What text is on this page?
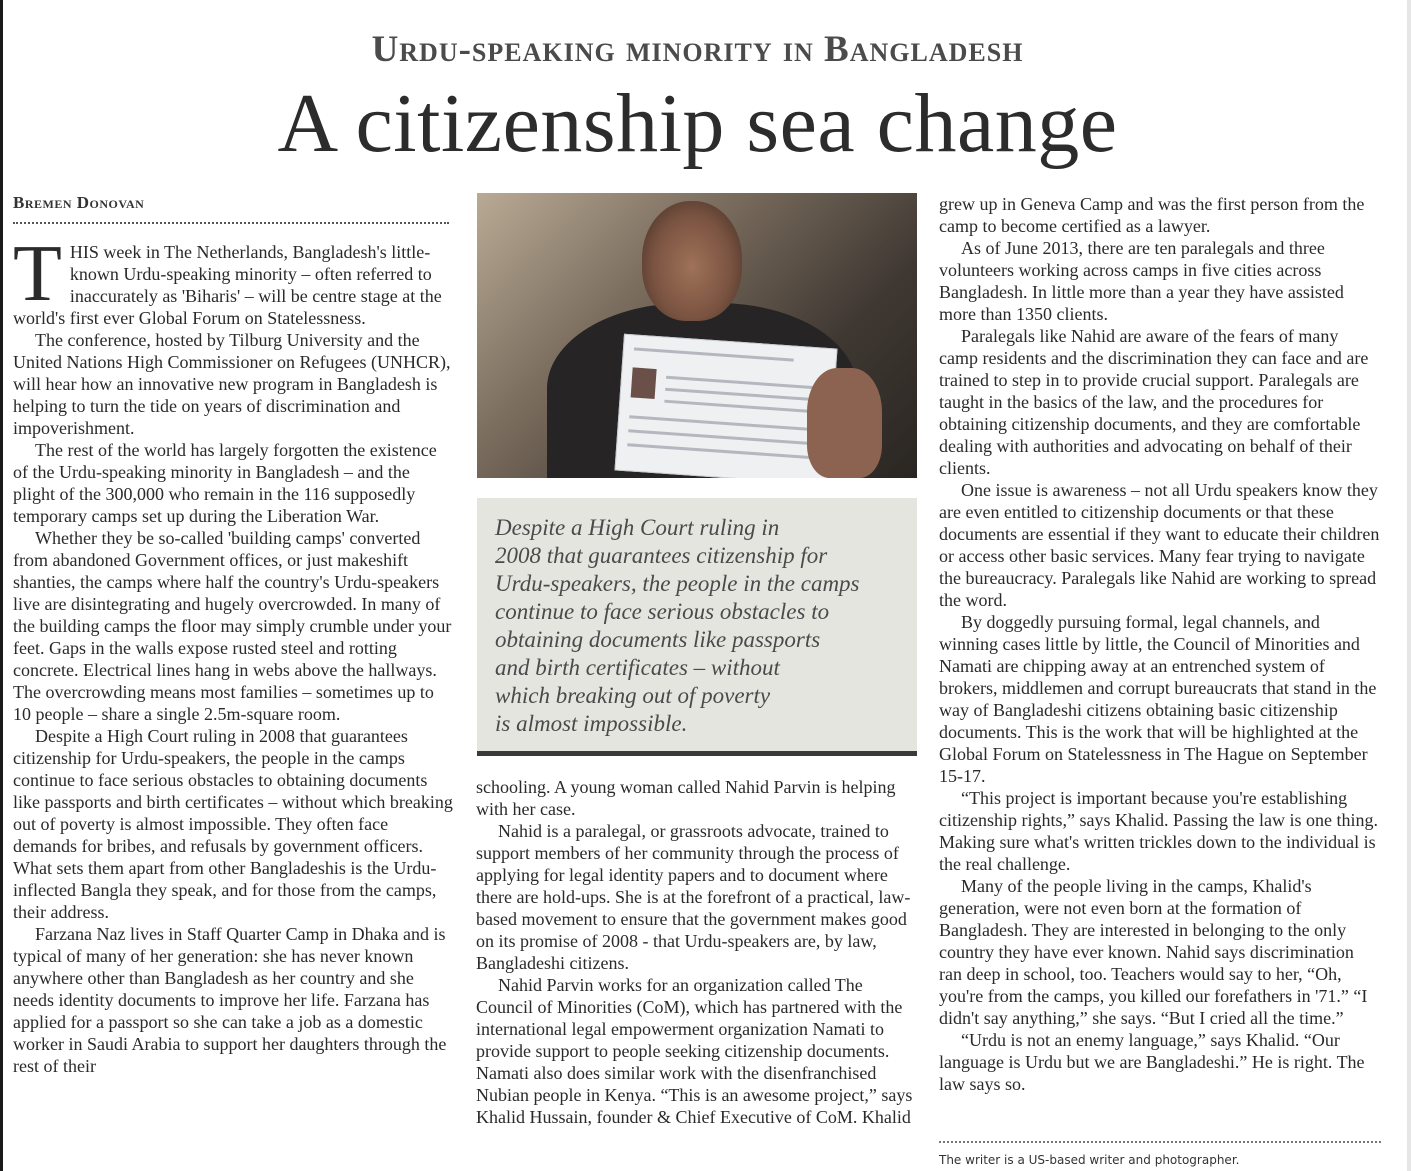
Urdu-speaking minority in Bangladesh
A citizenship sea change
Bremen Donovan

THIS week in The Netherlands, Bangladesh's little-known Urdu-speaking minority – often referred to inaccurately as 'Biharis' – will be centre stage at the world's first ever Global Forum on Statelessness.

The conference, hosted by Tilburg University and the United Nations High Commissioner on Refugees (UNHCR), will hear how an innovative new program in Bangladesh is helping to turn the tide on years of discrimination and impoverishment.

The rest of the world has largely forgotten the existence of the Urdu-speaking minority in Bangladesh – and the plight of the 300,000 who remain in the 116 supposedly temporary camps set up during the Liberation War.

Whether they be so-called 'building camps' converted from abandoned Government offices, or just makeshift shanties, the camps where half the country's Urdu-speakers live are disintegrating and hugely overcrowded. In many of the building camps the floor may simply crumble under your feet. Gaps in the walls expose rusted steel and rotting concrete. Electrical lines hang in webs above the hallways. The overcrowding means most families – sometimes up to 10 people – share a single 2.5m-square room.

Despite a High Court ruling in 2008 that guarantees citizenship for Urdu-speakers, the people in the camps continue to face serious obstacles to obtaining documents like passports and birth certificates – without which breaking out of poverty is almost impossible. They often face demands for bribes, and refusals by government officers. What sets them apart from other Bangladeshis is the Urdu-inflected Bangla they speak, and for those from the camps, their address.

Farzana Naz lives in Staff Quarter Camp in Dhaka and is typical of many of her generation: she has never known anywhere other than Bangladesh as her country and she needs identity documents to improve her life. Farzana has applied for a passport so she can take a job as a domestic worker in Saudi Arabia to support her daughters through the rest of their

Despite a High Court ruling in
2008 that guarantees citizenship for
Urdu-speakers, the people in the camps
continue to face serious obstacles to
obtaining documents like passports
and birth certificates – without
which breaking out of poverty
is almost impossible.

schooling. A young woman called Nahid Parvin is helping with her case.

Nahid is a paralegal, or grassroots advocate, trained to support members of her community through the process of applying for legal identity papers and to document where there are hold-ups. She is at the forefront of a practical, law-based movement to ensure that the government makes good on its promise of 2008 - that Urdu-speakers are, by law, Bangladeshi citizens.

Nahid Parvin works for an organization called The Council of Minorities (CoM), which has partnered with the international legal empowerment organization Namati to provide support to people seeking citizenship documents. Namati also does similar work with the disenfranchised Nubian people in Kenya. “This is an awesome project,” says Khalid Hussain, founder & Chief Executive of CoM. Khalid

grew up in Geneva Camp and was the first person from the camp to become certified as a lawyer.

As of June 2013, there are ten paralegals and three volunteers working across camps in five cities across Bangladesh. In little more than a year they have assisted more than 1350 clients.

Paralegals like Nahid are aware of the fears of many camp residents and the discrimination they can face and are trained to step in to provide crucial support. Paralegals are taught in the basics of the law, and the procedures for obtaining citizenship documents, and they are comfortable dealing with authorities and advocating on behalf of their clients.

One issue is awareness – not all Urdu speakers know they are even entitled to citizenship documents or that these documents are essential if they want to educate their children or access other basic services. Many fear trying to navigate the bureaucracy. Paralegals like Nahid are working to spread the word.

By doggedly pursuing formal, legal channels, and winning cases little by little, the Council of Minorities and Namati are chipping away at an entrenched system of brokers, middlemen and corrupt bureaucrats that stand in the way of Bangladeshi citizens obtaining basic citizenship documents. This is the work that will be highlighted at the Global Forum on Statelessness in The Hague on September 15-17.

“This project is important because you're establishing citizenship rights,” says Khalid. Passing the law is one thing. Making sure what's written trickles down to the individual is the real challenge.

Many of the people living in the camps, Khalid's generation, were not even born at the formation of Bangladesh. They are interested in belonging to the only country they have ever known. Nahid says discrimination ran deep in school, too. Teachers would say to her, “Oh, you're from the camps, you killed our forefathers in '71.” “I didn't say anything,” she says. “But I cried all the time.”

“Urdu is not an enemy language,” says Khalid. “Our language is Urdu but we are Bangladeshi.” He is right. The law says so.

The writer is a US-based writer and photographer.
